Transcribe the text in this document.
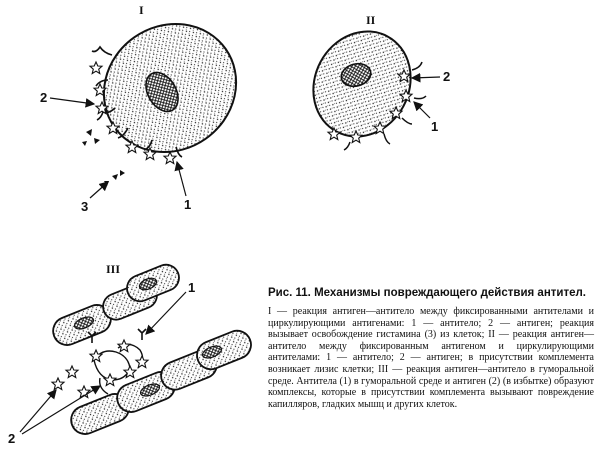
I
II
III
2
3	1
2
1
1
2

Рис. 11. Механизмы повреждающего действия антител.

I — реакция антиген—антитело между фиксированными антителами и циркулирующими антигенами: 1 — антитело; 2 — антиген; реакция вызывает освобождение гистамина (3) из клеток; II — реакция антиген—антитело между фиксированным антигеном и циркулирующими антителами: 1 — антитело; 2 — антиген; в присутствии комплемента возникает лизис клетки; III — реакция антиген—антитело в гуморальной среде. Антитела (1) в гуморальной среде и антиген (2) (в избытке) образуют комплексы, которые в присутствии комплемента вызывают повреждение капилляров, гладких мышц и других клеток.
